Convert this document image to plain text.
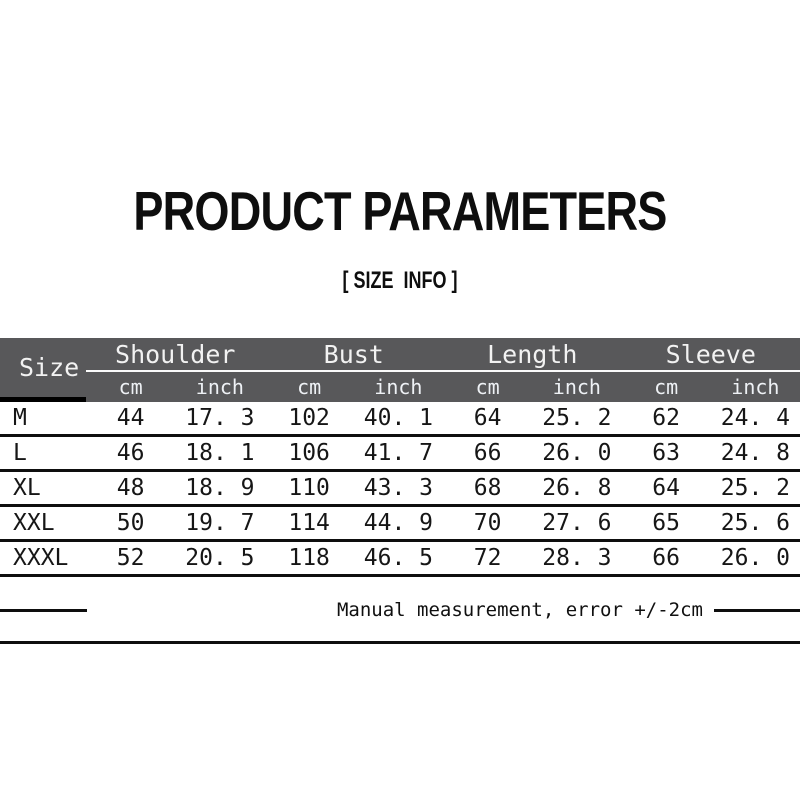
PRODUCT PARAMETERS
[ SIZE  INFO ]
Size	Shoulder	Bust	Length	Sleeve
cm	inch	cm	inch	cm	inch	cm	inch
M	44	17. 3	102	40. 1	64	25. 2	62	24. 4
L	46	18. 1	106	41. 7	66	26. 0	63	24. 8
XL	48	18. 9	110	43. 3	68	26. 8	64	25. 2
XXL	50	19. 7	114	44. 9	70	27. 6	65	25. 6
XXXL	52	20. 5	118	46. 5	72	28. 3	66	26. 0
Manual measurement, error +/-2cm
